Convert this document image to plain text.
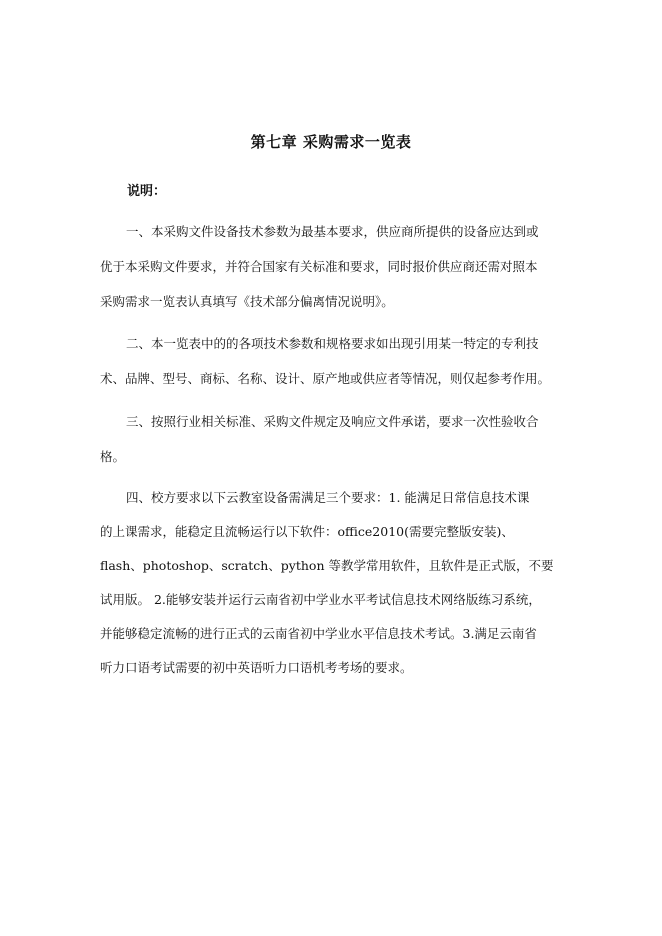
第七章 采购需求一览表
说明：
一、本采购文件设备技术参数为最基本要求，供应商所提供的设备应达到或
优于本采购文件要求，并符合国家有关标准和要求，同时报价供应商还需对照本
采购需求一览表认真填写《技术部分偏离情况说明》。
二、本一览表中的的各项技术参数和规格要求如出现引用某一特定的专利技
术、品牌、型号、商标、名称、设计、原产地或供应者等情况，则仅起参考作用。
三、按照行业相关标准、采购文件规定及响应文件承诺，要求一次性验收合
格。
四、校方要求以下云教室设备需满足三个要求：1. 能满足日常信息技术课
的上课需求，能稳定且流畅运行以下软件：office2010(需要完整版安装)、
flash、photoshop、scratch、python 等教学常用软件，且软件是正式版，不要
试用版。 2.能够安装并运行云南省初中学业水平考试信息技术网络版练习系统，
并能够稳定流畅的进行正式的云南省初中学业水平信息技术考试。3.满足云南省
听力口语考试需要的初中英语听力口语机考考场的要求。
